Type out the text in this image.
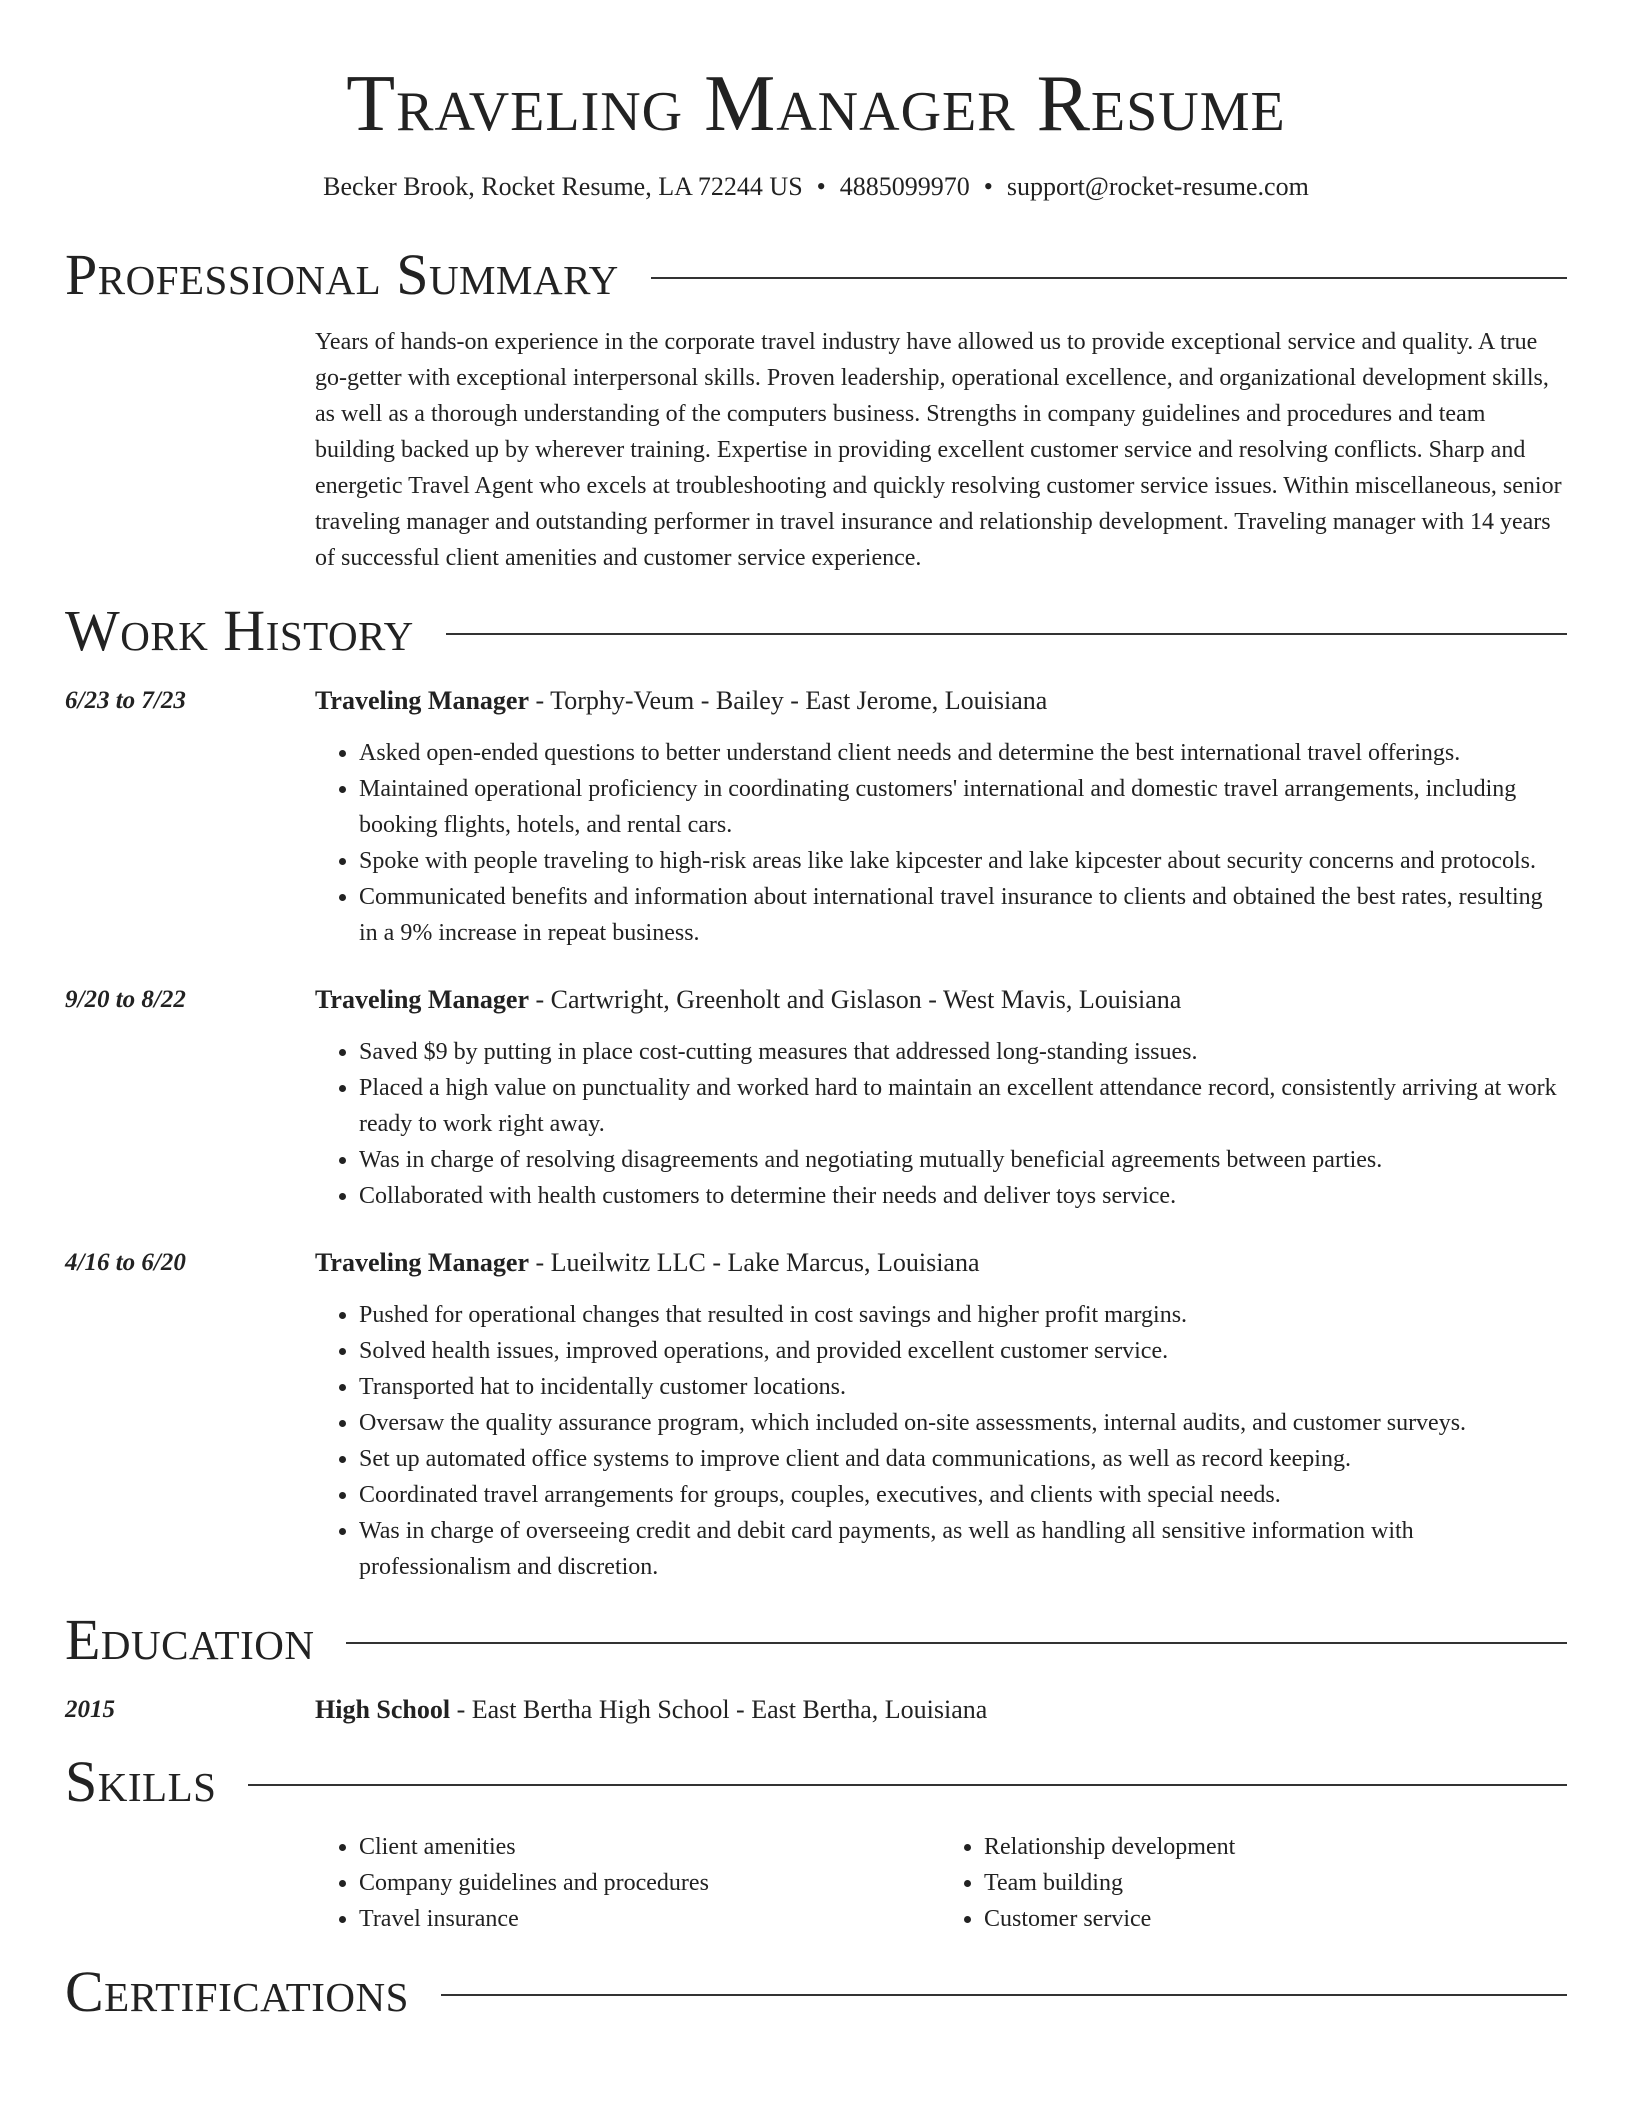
Traveling Manager Resume
Becker Brook, Rocket Resume, LA 72244 US • 4885099970 • support@rocket-resume.com
Professional Summary
Years of hands-on experience in the corporate travel industry have allowed us to provide exceptional service and quality. A true go-getter with exceptional interpersonal skills. Proven leadership, operational excellence, and organizational development skills, as well as a thorough understanding of the computers business. Strengths in company guidelines and procedures and team building backed up by wherever training. Expertise in providing excellent customer service and resolving conflicts. Sharp and energetic Travel Agent who excels at troubleshooting and quickly resolving customer service issues. Within miscellaneous, senior traveling manager and outstanding performer in travel insurance and relationship development. Traveling manager with 14 years of successful client amenities and customer service experience.
Work History
6/23 to 7/23	Traveling Manager - Torphy-Veum - Bailey - East Jerome, Louisiana
• Asked open-ended questions to better understand client needs and determine the best international travel offerings.
• Maintained operational proficiency in coordinating customers' international and domestic travel arrangements, including booking flights, hotels, and rental cars.
• Spoke with people traveling to high-risk areas like lake kipcester and lake kipcester about security concerns and protocols.
• Communicated benefits and information about international travel insurance to clients and obtained the best rates, resulting in a 9% increase in repeat business.
9/20 to 8/22	Traveling Manager - Cartwright, Greenholt and Gislason - West Mavis, Louisiana
• Saved $9 by putting in place cost-cutting measures that addressed long-standing issues.
• Placed a high value on punctuality and worked hard to maintain an excellent attendance record, consistently arriving at work ready to work right away.
• Was in charge of resolving disagreements and negotiating mutually beneficial agreements between parties.
• Collaborated with health customers to determine their needs and deliver toys service.
4/16 to 6/20	Traveling Manager - Lueilwitz LLC - Lake Marcus, Louisiana
• Pushed for operational changes that resulted in cost savings and higher profit margins.
• Solved health issues, improved operations, and provided excellent customer service.
• Transported hat to incidentally customer locations.
• Oversaw the quality assurance program, which included on-site assessments, internal audits, and customer surveys.
• Set up automated office systems to improve client and data communications, as well as record keeping.
• Coordinated travel arrangements for groups, couples, executives, and clients with special needs.
• Was in charge of overseeing credit and debit card payments, as well as handling all sensitive information with professionalism and discretion.
Education
2015	High School - East Bertha High School - East Bertha, Louisiana
Skills
• Client amenities
• Company guidelines and procedures
• Travel insurance
• Relationship development
• Team building
• Customer service
Certifications
